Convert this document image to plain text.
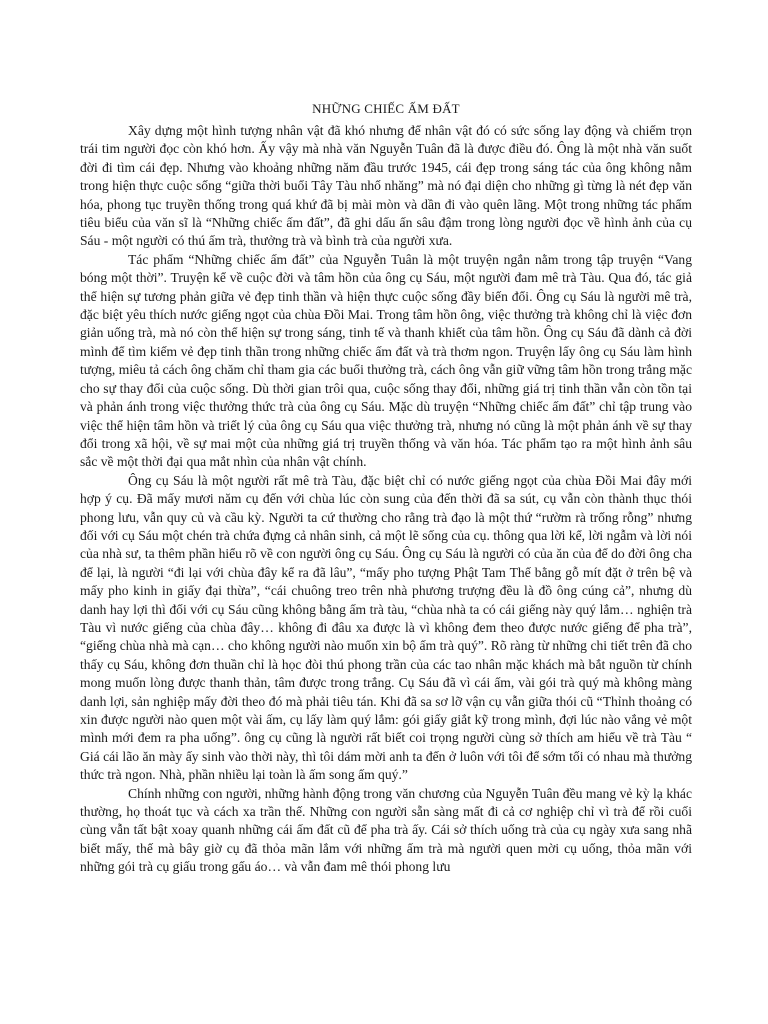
NHỮNG CHIẾC ẤM ĐẤT

Xây dựng một hình tượng nhân vật đã khó nhưng để nhân vật đó có sức sống lay động và chiếm trọn trái tim người đọc còn khó hơn. Ấy vậy mà nhà văn Nguyễn Tuân đã là được điều đó. Ông là một nhà văn suốt đời đi tìm cái đẹp. Nhưng vào khoảng những năm đầu trước 1945, cái đẹp trong sáng tác của ông không nằm trong hiện thực cuộc sống “giữa thời buổi Tây Tàu nhố nhăng” mà nó đại diện cho những gì từng là nét đẹp văn hóa, phong tục truyền thống trong quá khứ đã bị mài mòn và dần đi vào quên lãng. Một trong những tác phẩm tiêu biểu của văn sĩ là “Những chiếc ấm đất”, đã ghi dấu ấn sâu đậm trong lòng người đọc về hình ảnh của cụ Sáu - một người có thú ấm trà, thưởng trà và bình trà của người xưa.

Tác phẩm “Những chiếc ấm đất” của Nguyễn Tuân là một truyện ngắn nằm trong tập truyện “Vang bóng một thời”. Truyện kể về cuộc đời và tâm hồn của ông cụ Sáu, một người đam mê trà Tàu. Qua đó, tác giả thể hiện sự tương phản giữa vẻ đẹp tinh thần và hiện thực cuộc sống đầy biến đổi. Ông cụ Sáu là người mê trà, đặc biệt yêu thích nước giếng ngọt của chùa Đồi Mai. Trong tâm hồn ông, việc thưởng trà không chỉ là việc đơn giản uống trà, mà nó còn thể hiện sự trong sáng, tinh tế và thanh khiết của tâm hồn. Ông cụ Sáu đã dành cả đời mình để tìm kiếm vẻ đẹp tinh thần trong những chiếc ấm đất và trà thơm ngon. Truyện lấy ông cụ Sáu làm hình tượng, miêu tả cách ông chăm chỉ tham gia các buổi thưởng trà, cách ông vẫn giữ vững tâm hồn trong trắng mặc cho sự thay đổi của cuộc sống. Dù thời gian trôi qua, cuộc sống thay đổi, những giá trị tinh thần vẫn còn tồn tại và phản ánh trong việc thưởng thức trà của ông cụ Sáu. Mặc dù truyện “Những chiếc ấm đất” chỉ tập trung vào việc thể hiện tâm hồn và triết lý của ông cụ Sáu qua việc thưởng trà, nhưng nó cũng là một phản ánh về sự thay đổi trong xã hội, về sự mai một của những giá trị truyền thống và văn hóa. Tác phẩm tạo ra một hình ảnh sâu sắc về một thời đại qua mắt nhìn của nhân vật chính.

Ông cụ Sáu là một người rất mê trà Tàu, đặc biệt chỉ có nước giếng ngọt của chùa Đồi Mai đây mới hợp ý cụ. Đã mấy mươi năm cụ đến với chùa lúc còn sung của đến thời đã sa sút, cụ vẫn còn thành thục thói phong lưu, vẫn quy củ và cầu kỳ. Người ta cứ thường cho rằng trà đạo là một thứ “rườm rà trống rỗng” nhưng đối với cụ Sáu một chén trà chứa đựng cả nhân sinh, cả một lẽ sống của cụ. thông qua lời kể, lời ngẫm và lời nói của nhà sư, ta thêm phần hiểu rõ về con người ông cụ Sáu. Ông cụ Sáu là người có của ăn của để do đời ông cha để lại, là người “đi lại với chùa đây kể ra đã lâu”, “mấy pho tượng Phật Tam Thế bằng gỗ mít đặt ở trên bệ và mấy pho kinh in giấy đại thừa”, “cái chuông treo trên nhà phương trượng đều là đồ ông cúng cả”, nhưng dù danh hay lợi thì đối với cụ Sáu cũng không bằng ấm trà tàu, “chùa nhà ta có cái giếng này quý lắm… nghiện trà Tàu vì nước giếng của chùa đây… không đi đâu xa được là vì không đem theo được nước giếng để pha trà”, “giếng chùa nhà mà cạn… cho không người nào muốn xin bộ ấm trà quý”. Rõ ràng từ những chi tiết trên đã cho thấy cụ Sáu, không đơn thuần chỉ là học đòi thú phong trần của các tao nhân mặc khách mà bắt nguồn từ chính mong muốn lòng được thanh thản, tâm được trong trắng. Cụ Sáu đã vì cái ấm, vài gói trà quý mà không màng danh lợi, sản nghiệp mấy đời theo đó mà phải tiêu tán. Khi đã sa sơ lỡ vận cụ vẫn giữa thói cũ “Thỉnh thoảng có xin được người nào quen một vài ấm, cụ lấy làm quý lắm: gói giấy giắt kỹ trong mình, đợi lúc nào vắng vẻ một mình mới đem ra pha uống”. ông cụ cũng là người rất biết coi trọng người cùng sở thích am hiểu về trà Tàu “ Giá cái lão ăn mày ấy sinh vào thời này, thì tôi dám mời anh ta đến ở luôn với tôi để sớm tối có nhau mà thưởng thức trà ngon. Nhà, phần nhiều lại toàn là ấm song ấm quý.”

Chính những con người, những hành động trong văn chương của Nguyễn Tuân đều mang vẻ kỳ lạ khác thường, họ thoát tục và cách xa trần thế. Những con người sẵn sàng mất đi cả cơ nghiệp chỉ vì trà để rồi cuối cùng vẫn tất bật xoay quanh những cái ấm đất cũ để pha trà ấy. Cái sở thích uống trà của cụ ngày xưa sang nhã biết mấy, thế mà bây giờ cụ đã thỏa mãn lắm với những ấm trà mà người quen mời cụ uống, thỏa mãn với những gói trà cụ giấu trong gấu áo… và vẫn đam mê thói phong lưu
